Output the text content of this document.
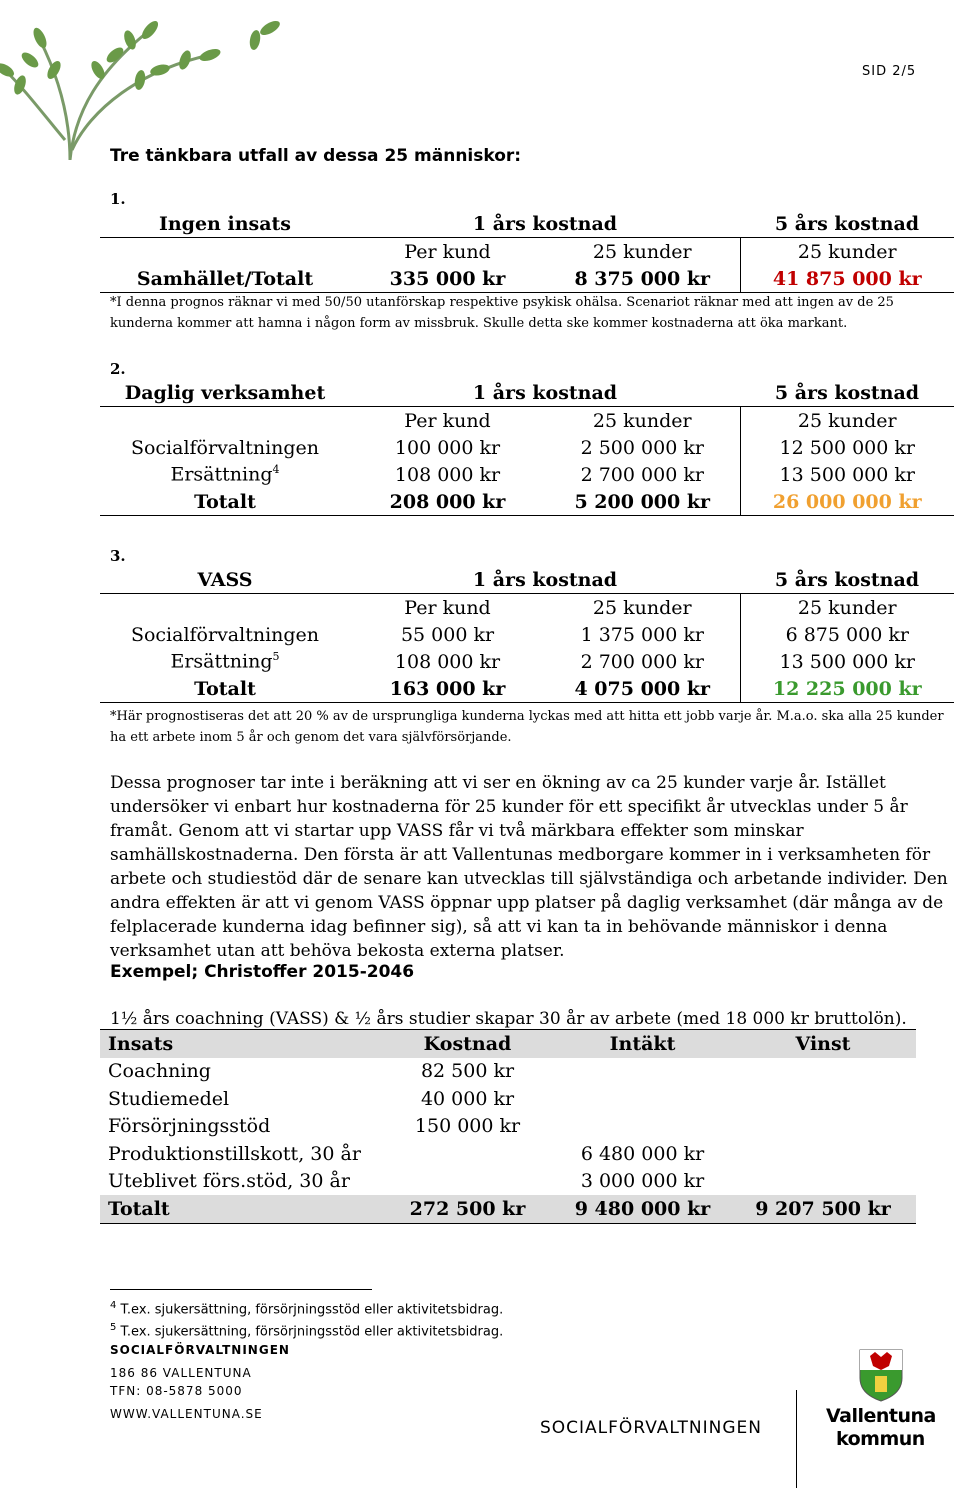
SID 2/5
Tre tänkbara utfall av dessa 25 människor:
1.
Ingen insats	1 års kostnad		5 års kostnad
	Per kund	25 kunder	25 kunder
Samhället/Totalt	335 000 kr	8 375 000 kr	41 875 000 kr
*I denna prognos räknar vi med 50/50 utanförskap respektive psykisk ohälsa. Scenariot räknar med att ingen av de 25 kunderna kommer att hamna i någon form av missbruk. Skulle detta ske kommer kostnaderna att öka markant.
2.
Daglig verksamhet	1 års kostnad		5 års kostnad
	Per kund	25 kunder	25 kunder
Socialförvaltningen	100 000 kr	2 500 000 kr	12 500 000 kr
Ersättning$^4$	108 000 kr	2 700 000 kr	13 500 000 kr
Totalt	208 000 kr	5 200 000 kr	26 000 000 kr
3.
VASS	1 års kostnad		5 års kostnad
	Per kund	25 kunder	25 kunder
Socialförvaltningen	55 000 kr	1 375 000 kr	6 875 000 kr
Ersättning$^5$	108 000 kr	2 700 000 kr	13 500 000 kr
Totalt	163 000 kr	4 075 000 kr	12 225 000 kr
*Här prognostiseras det att 20 % av de ursprungliga kunderna lyckas med att hitta ett jobb varje år. M.a.o. ska alla 25 kunder ha ett arbete inom 5 år och genom det vara självförsörjande.
Dessa prognoser tar inte i beräkning att vi ser en ökning av ca 25 kunder varje år. Istället undersöker vi enbart hur kostnaderna för 25 kunder för ett specifikt år utvecklas under 5 år framåt. Genom att vi startar upp VASS får vi två märkbara effekter som minskar samhällskostnaderna. Den första är att Vallentunas medborgare kommer in i verksamheten för arbete och studiestöd där de senare kan utvecklas till självständiga och arbetande individer. Den andra effekten är att vi genom VASS öppnar upp platser på daglig verksamhet (där många av de felplacerade kunderna idag befinner sig), så att vi kan ta in behövande människor i denna verksamhet utan att behöva bekosta externa platser.
Exempel; Christoffer 2015-2046
1½ års coachning (VASS) & ½ års studier skapar 30 år av arbete (med 18 000 kr bruttolön).
Insats	Kostnad	Intäkt	Vinst
Coachning	82 500 kr		
Studiemedel	40 000 kr		
Försörjningsstöd	150 000 kr		
Produktionstillskott, 30 år		6 480 000 kr	
Uteblivet förs.stöd, 30 år		3 000 000 kr	
Totalt	272 500 kr	9 480 000 kr	9 207 500 kr
$^4$ T.ex. sjukersättning, försörjningsstöd eller aktivitetsbidrag.
$^5$ T.ex. sjukersättning, försörjningsstöd eller aktivitetsbidrag.
SOCIALFÖRVALTNINGEN
186 86 VALLENTUNA
TFN: 08-5878 5000
WWW.VALLENTUNA.SE
SOCIALFÖRVALTNINGEN
Vallentuna
kommun
